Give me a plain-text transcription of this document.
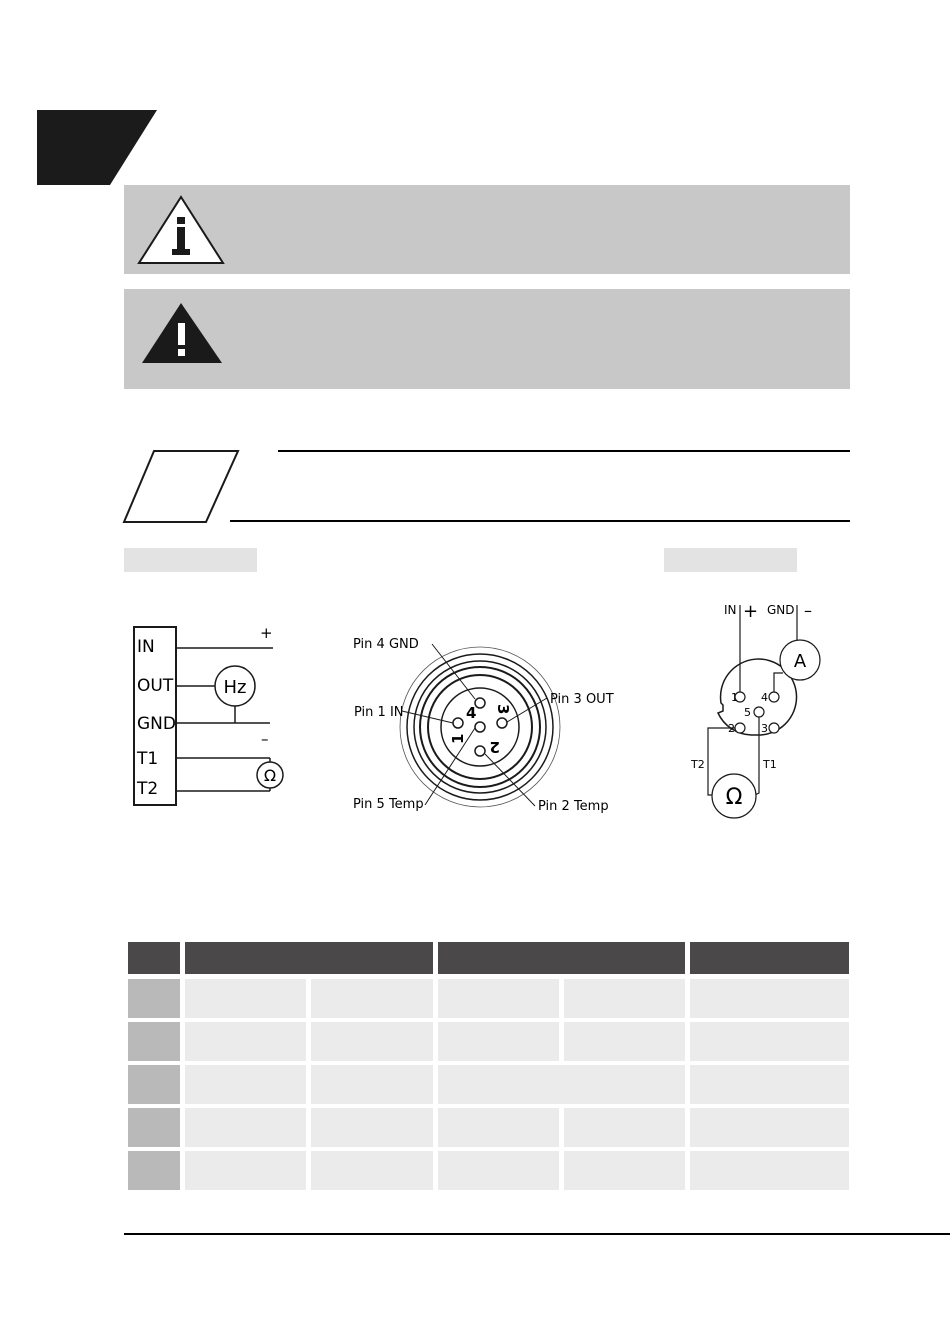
IN
OUT
GND
T1
T2
+
–
Hz
Ω
4 3
2
1
Pin 4 GND
Pin 1 IN
Pin 3 OUT
Pin 5 Temp	Pin 2 Temp
IN + GND –
A
1 4
5
2 3
T2	T1
Ω
